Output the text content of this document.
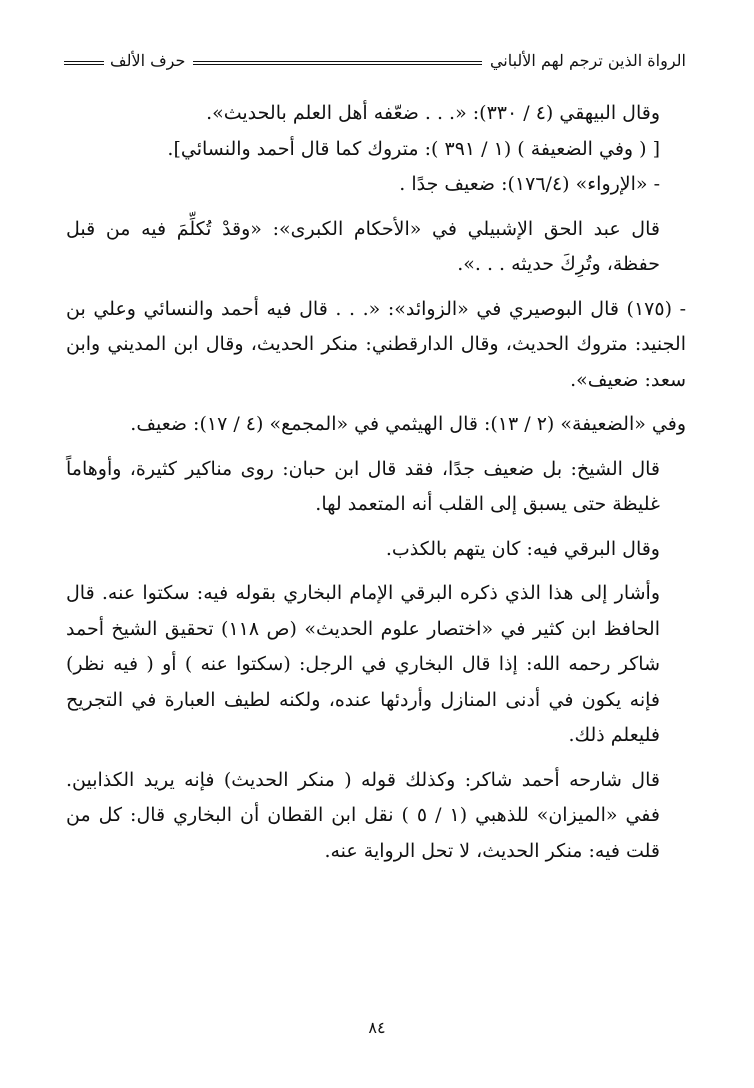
الرواة الذين ترجم لهم الألباني
حرف الألف

وقال البيهقي (٤ / ٣٣٠): «. . . ضعّفه أهل العلم بالحديث».

[ ( وفي الضعيفة ) (١ / ٣٩١ ): متروك كما قال أحمد والنسائي].

- «الإرواء» (١٧٦/٤): ضعيف جدًا .

قال عبد الحق الإشبيلي في «الأحكام الكبرى»: «وقدْ تُكلِّمَ فيه من قبل حفظة، وتُرِكَ حديثه . . .».

- (١٧٥) قال البوصيري في «الزوائد»: «. . . قال فيه أحمد والنسائي وعلي بن الجنيد: متروك الحديث، وقال الدارقطني: منكر الحديث، وقال ابن المديني وابن سعد: ضعيف».

وفي «الضعيفة» (٢ / ١٣): قال الهيثمي في «المجمع» (٤ / ١٧): ضعيف.

قال الشيخ: بل ضعيف جدًا، فقد قال ابن حبان: روى مناكير كثيرة، وأوهاماً غليظة حتى يسبق إلى القلب أنه المتعمد لها.

وقال البرقي فيه: كان يتهم بالكذب.

وأشار إلى هذا الذي ذكره البرقي الإمام البخاري بقوله فيه: سكتوا عنه. قال الحافظ ابن كثير في «اختصار علوم الحديث» (ص ١١٨) تحقيق الشيخ أحمد شاكر رحمه الله: إذا قال البخاري في الرجل: (سكتوا عنه ) أو ( فيه نظر) فإنه يكون في أدنى المنازل وأردئها عنده، ولكنه لطيف العبارة في التجريح فليعلم ذلك.

قال شارحه أحمد شاكر: وكذلك قوله ( منكر الحديث) فإنه يريد الكذابين. ففي «الميزان» للذهبي (١ / ٥ ) نقل ابن القطان أن البخاري قال: كل من قلت فيه: منكر الحديث، لا تحل الرواية عنه.

٨٤
